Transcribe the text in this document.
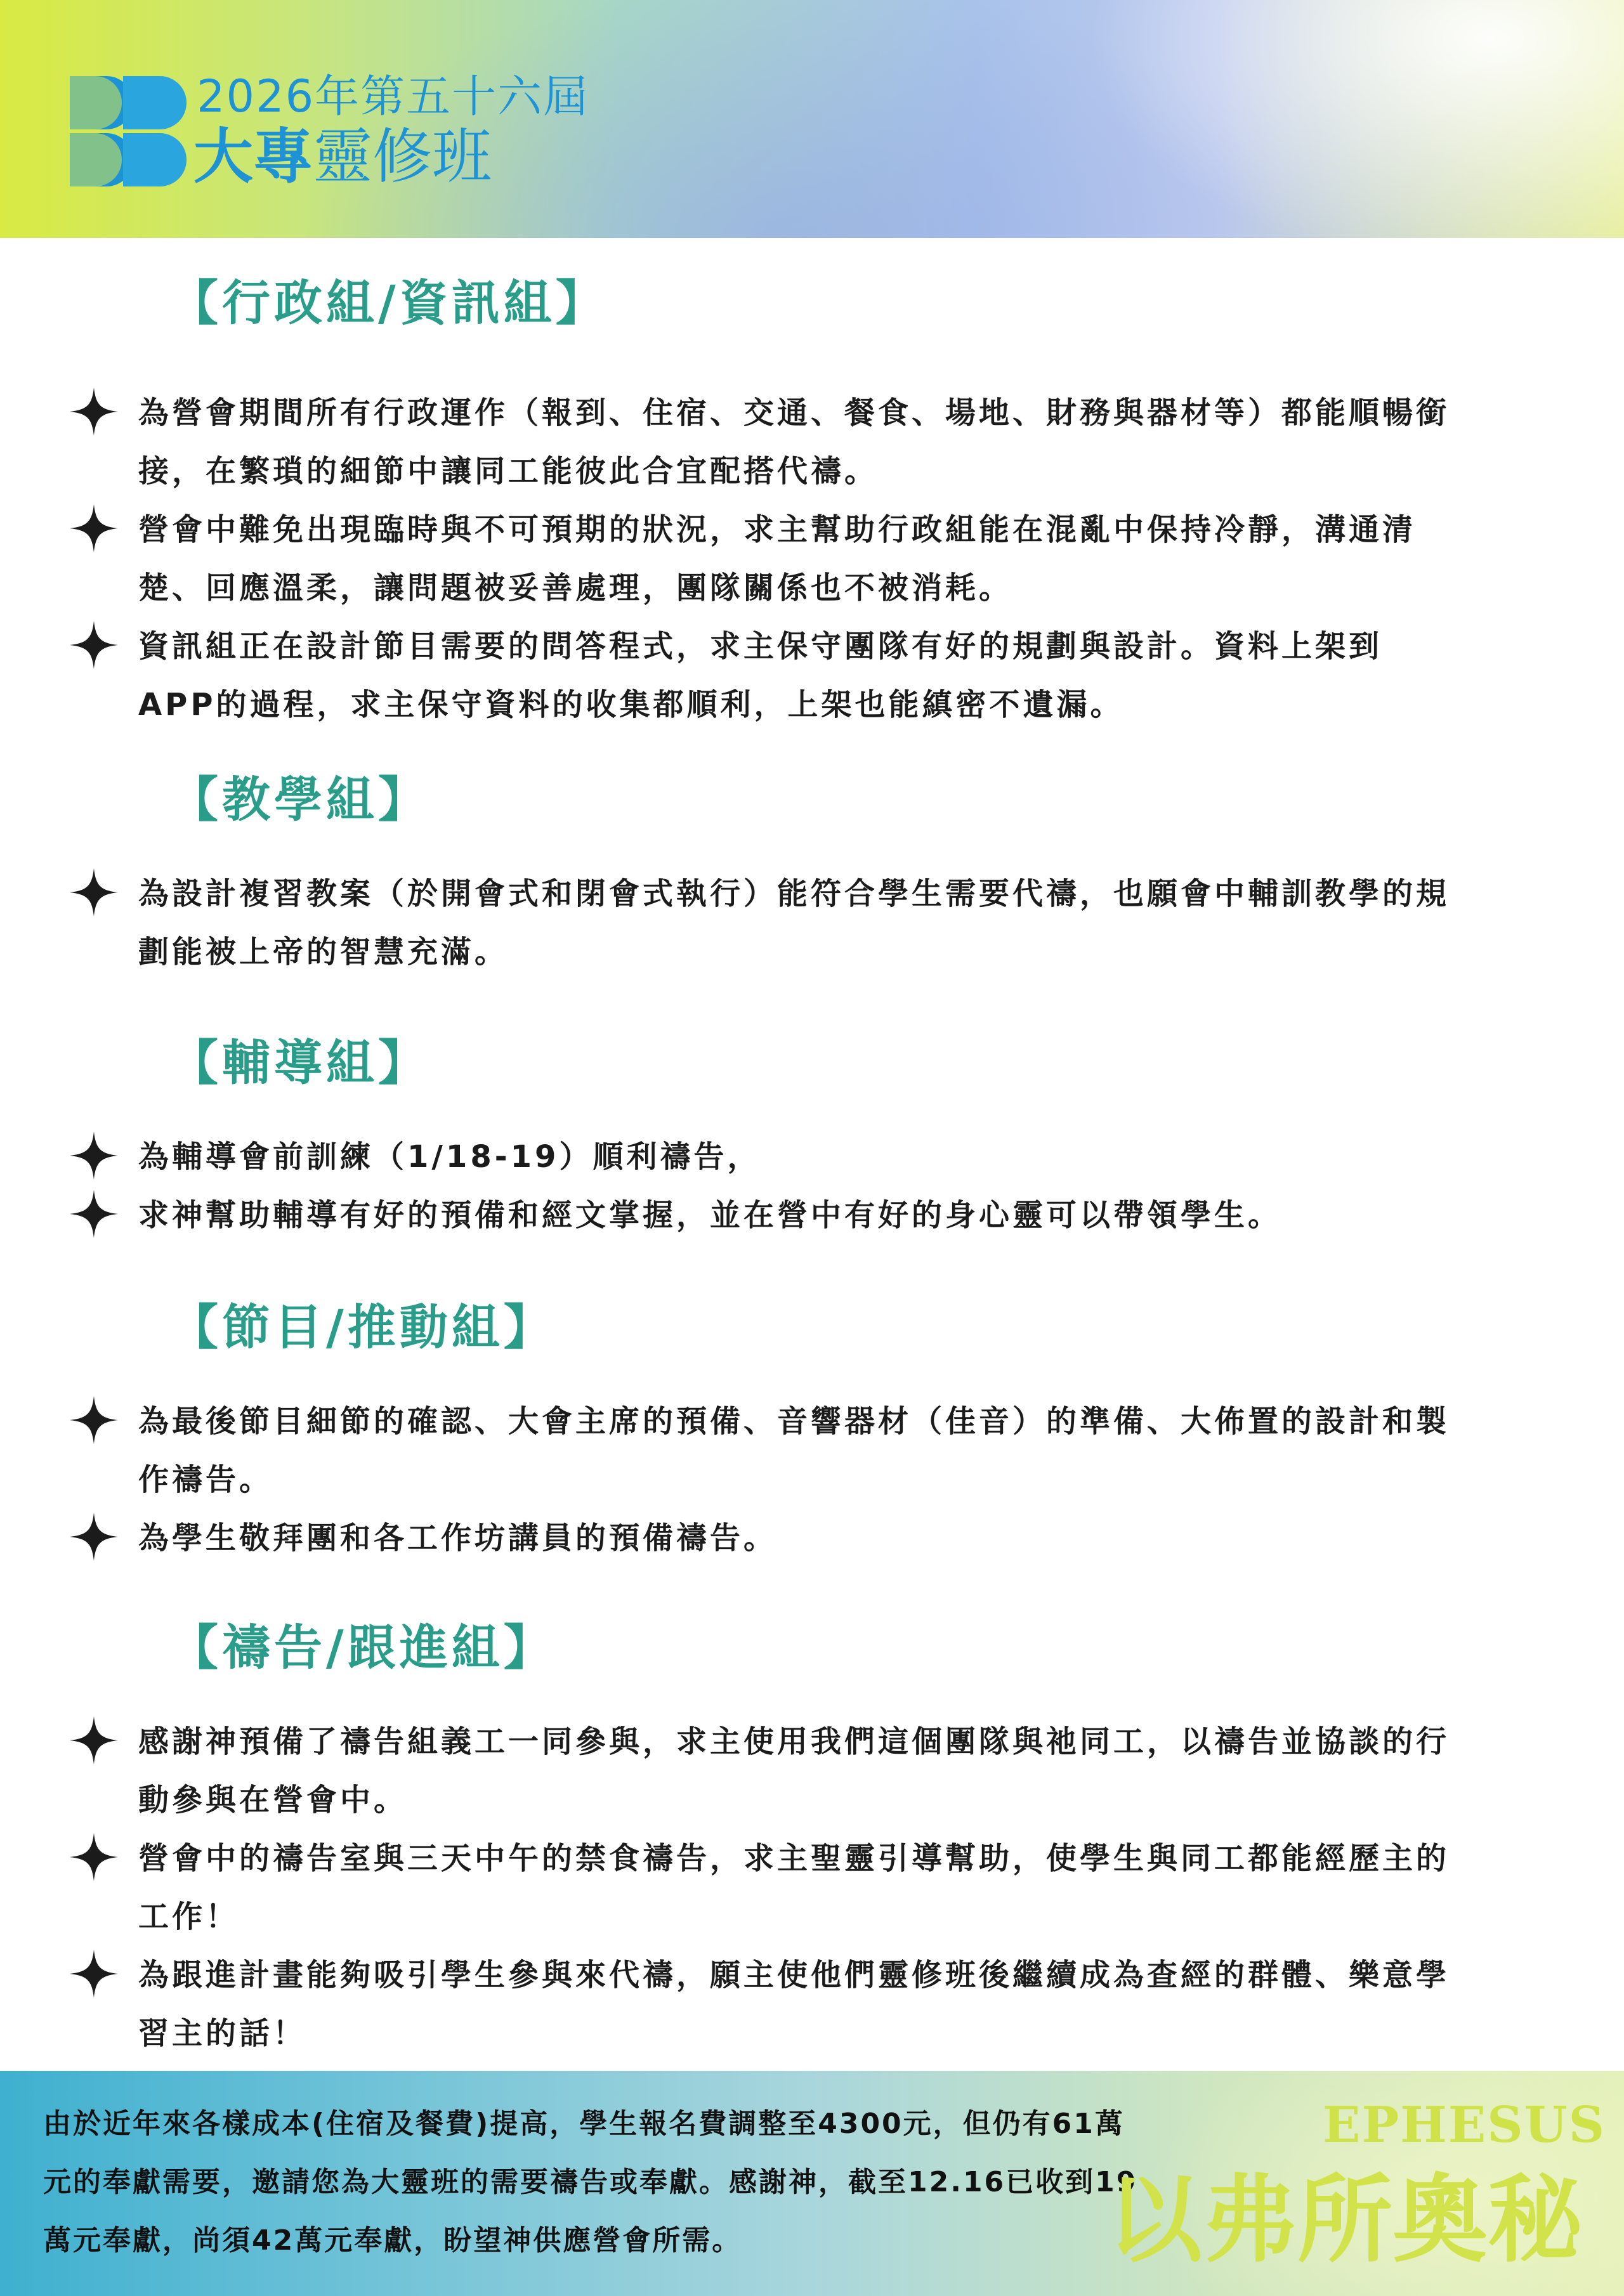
2026年第五十六屆
大專靈修班
【行政組/資訊組】
為營會期間所有行政運作（報到、住宿、交通、餐食、場地、財務與器材等）都能順暢銜接，在繁瑣的細節中讓同工能彼此合宜配搭代禱。
營會中難免出現臨時與不可預期的狀況，求主幫助行政組能在混亂中保持冷靜，溝通清楚、回應溫柔，讓問題被妥善處理，團隊關係也不被消耗。
資訊組正在設計節目需要的問答程式，求主保守團隊有好的規劃與設計。資料上架到 APP的過程，求主保守資料的收集都順利，上架也能縝密不遺漏。
【教學組】
為設計複習教案（於開會式和閉會式執行）能符合學生需要代禱，也願會中輔訓教學的規劃能被上帝的智慧充滿。
【輔導組】
為輔導會前訓練（1/18-19）順利禱告，
求神幫助輔導有好的預備和經文掌握，並在營中有好的身心靈可以帶領學生。
【節目/推動組】
為最後節目細節的確認、大會主席的預備、音響器材（佳音）的準備、大佈置的設計和製作禱告。
為學生敬拜團和各工作坊講員的預備禱告。
【禱告/跟進組】
感謝神預備了禱告組義工一同參與，求主使用我們這個團隊與祂同工，以禱告並協談的行動參與在營會中。
營會中的禱告室與三天中午的禁食禱告，求主聖靈引導幫助，使學生與同工都能經歷主的工作！
為跟進計畫能夠吸引學生參與來代禱，願主使他們靈修班後繼續成為查經的群體、樂意學習主的話！
由於近年來各樣成本(住宿及餐費)提高，學生報名費調整至4300元，但仍有61萬元的奉獻需要，邀請您為大靈班的需要禱告或奉獻。感謝神，截至12.16已收到19萬元奉獻，尚須42萬元奉獻，盼望神供應營會所需。
EPHESUS
以弗所奧秘
